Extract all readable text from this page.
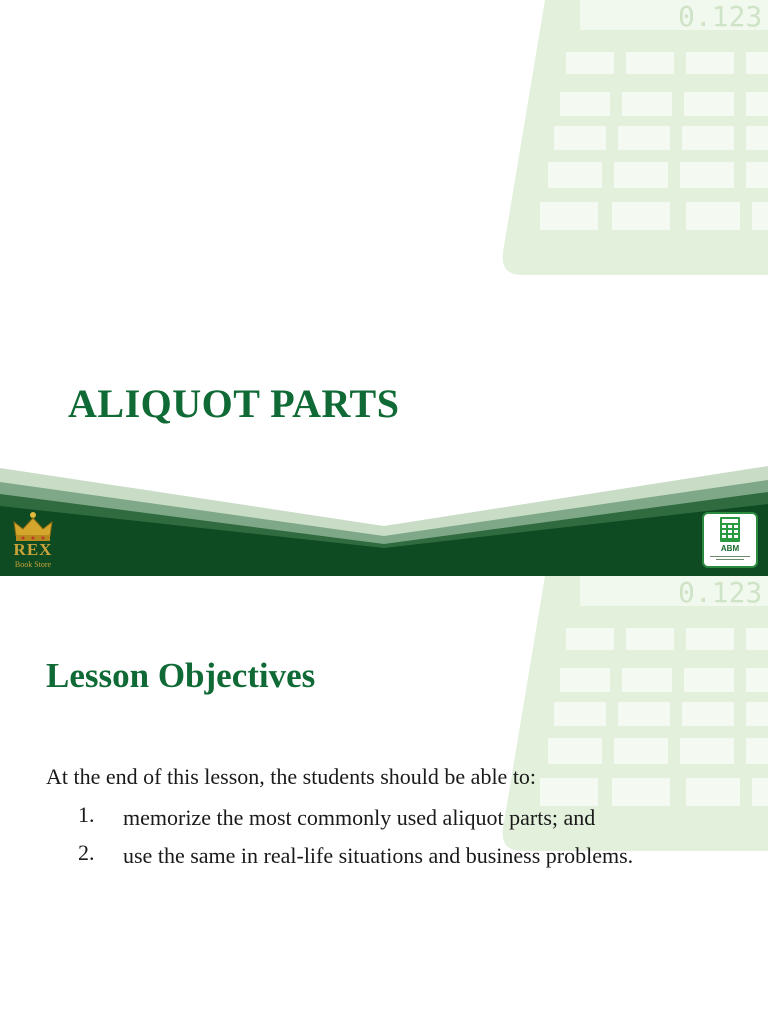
0.123
ALIQUOT PARTS
REX
Book Store
ABM
0.123
Lesson Objectives
At the end of this lesson, the students should be able to:
1.	memorize the most commonly used aliquot parts; and
2.	use the same in real-life situations and business problems.
